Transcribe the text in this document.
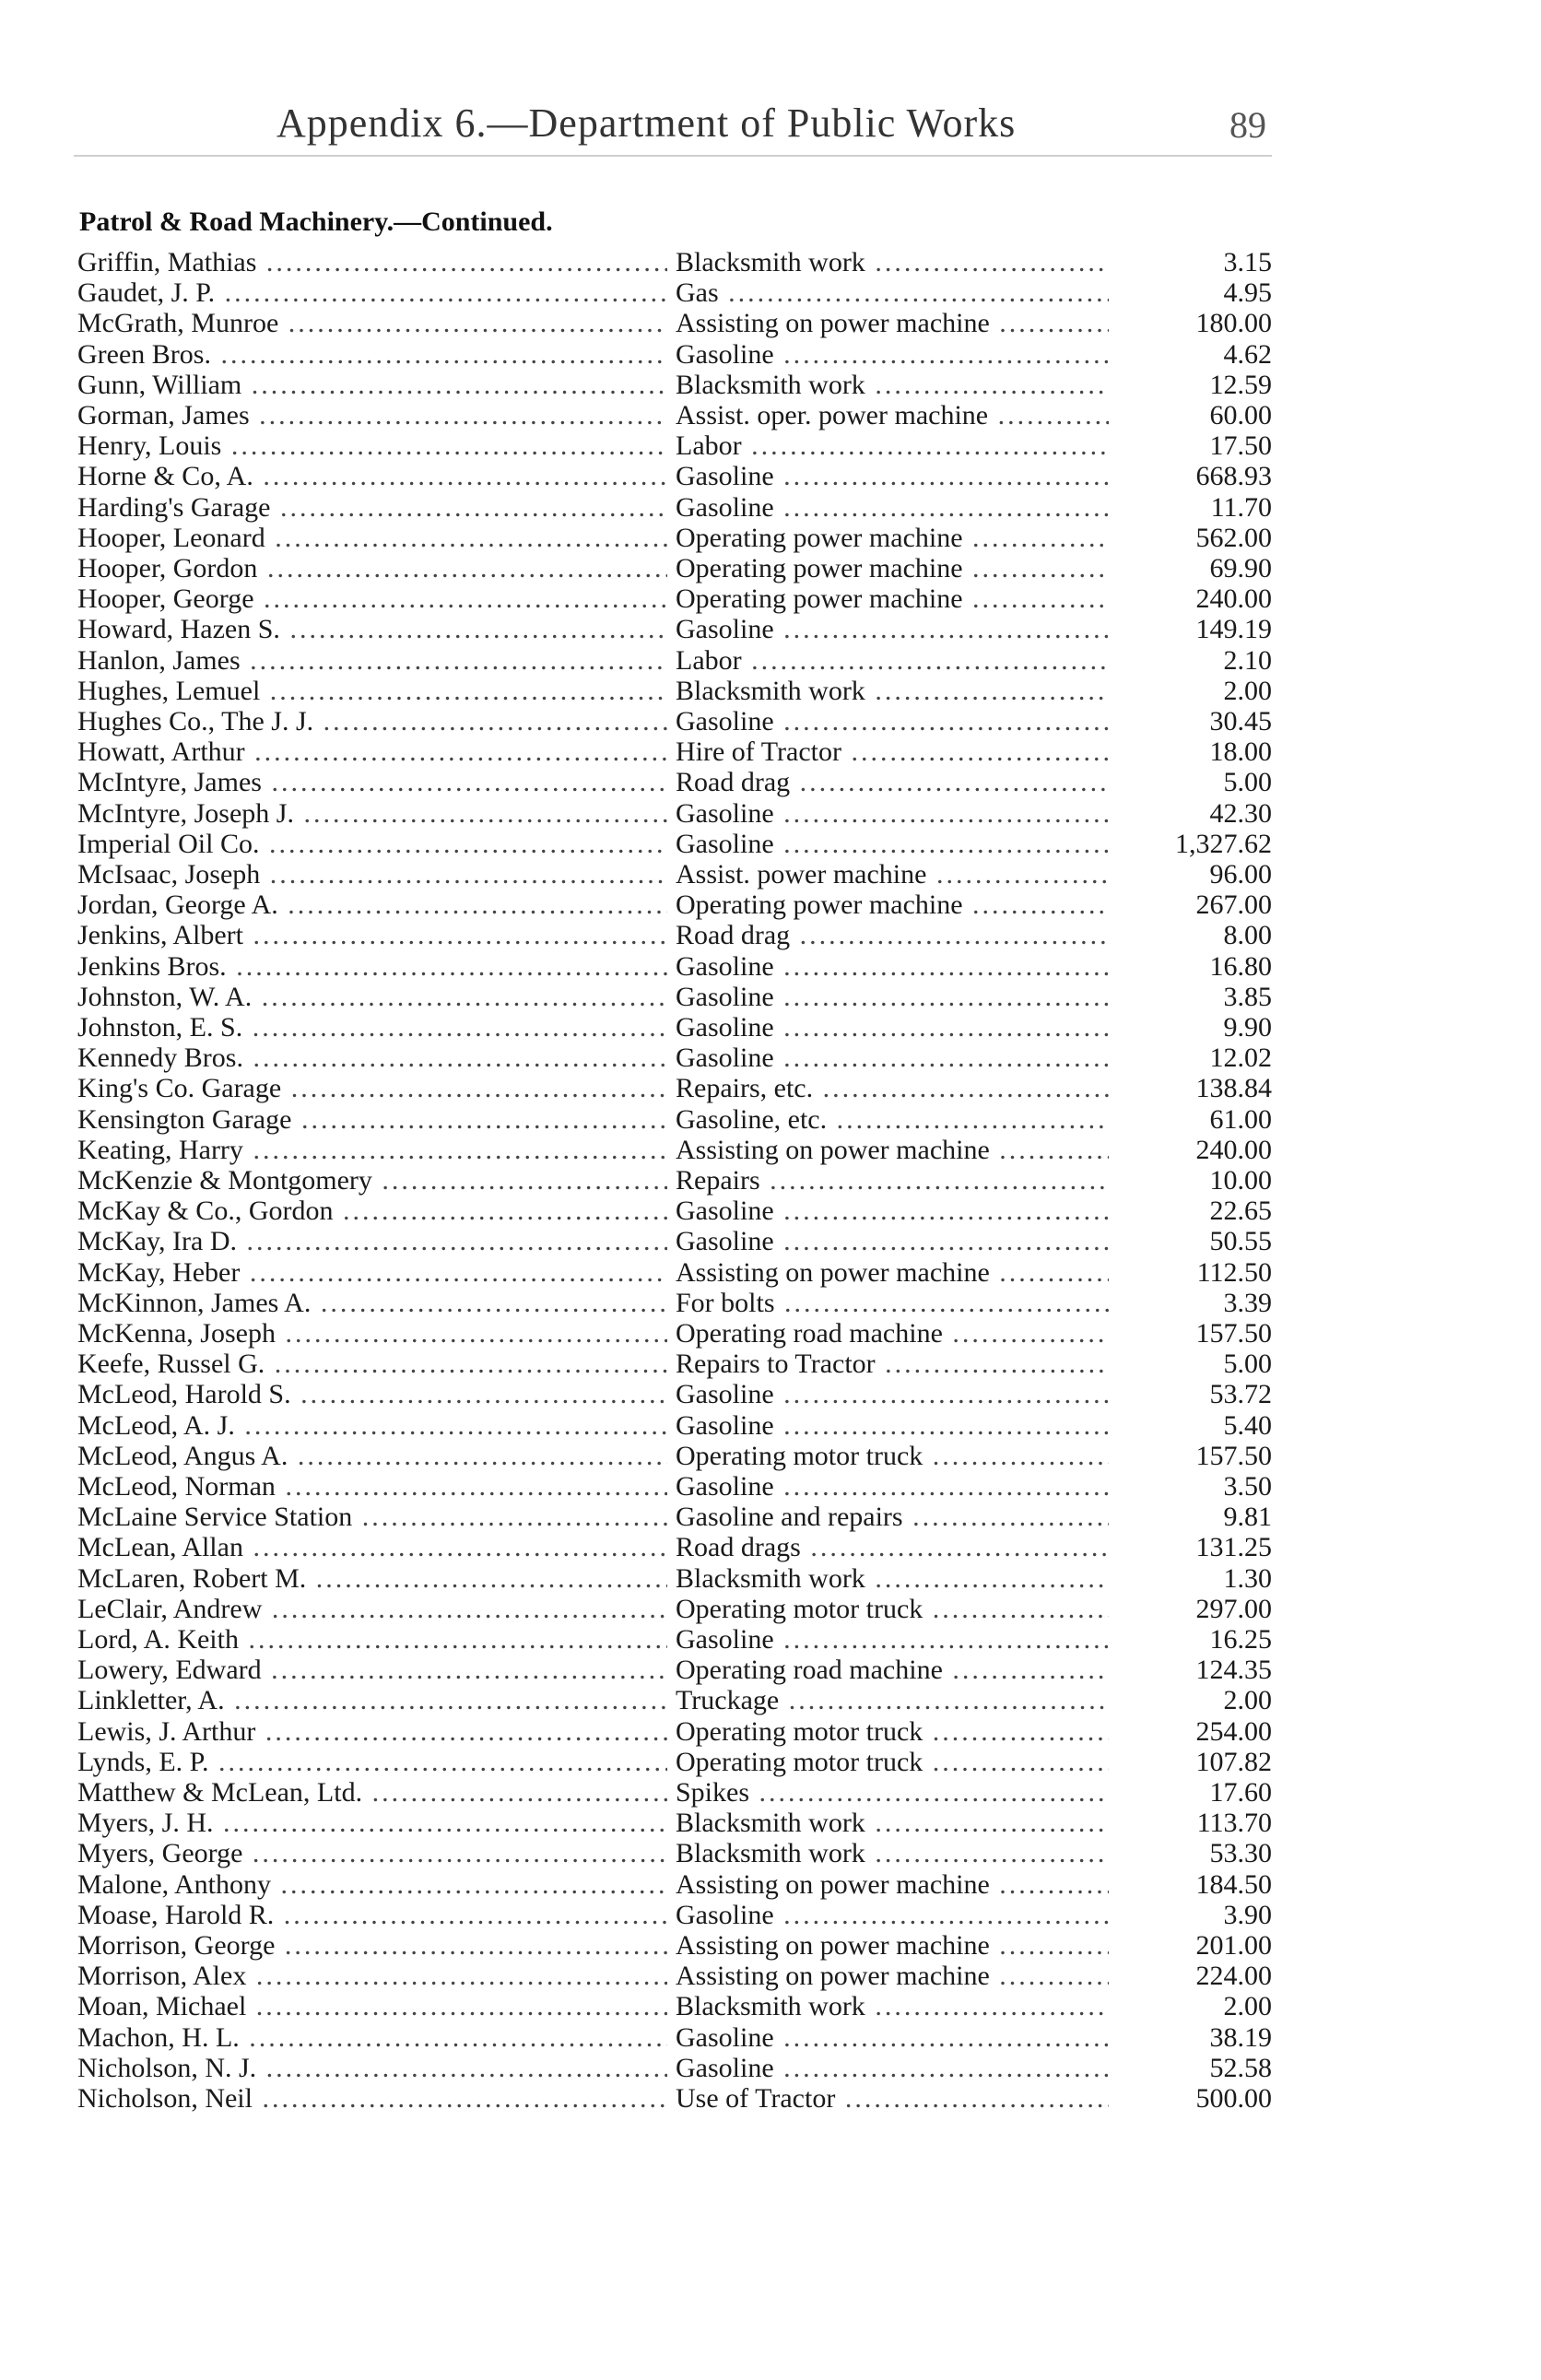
Appendix 6.—Department of Public Works	89
Patrol & Road Machinery.—Continued.
Griffin, Mathias .....	Blacksmith work .....	3.15
Gaudet, J. P. .....	Gas .....	4.95
McGrath, Munroe .....	Assisting on power machine .....	180.00
Green Bros. .....	Gasoline .....	4.62
Gunn, William .....	Blacksmith work .....	12.59
Gorman, James .....	Assist. oper. power machine .....	60.00
Henry, Louis .....	Labor .....	17.50
Horne & Co, A. .....	Gasoline .....	668.93
Harding's Garage .....	Gasoline .....	11.70
Hooper, Leonard .....	Operating power machine .....	562.00
Hooper, Gordon .....	Operating power machine .....	69.90
Hooper, George .....	Operating power machine .....	240.00
Howard, Hazen S. .....	Gasoline .....	149.19
Hanlon, James .....	Labor .....	2.10
Hughes, Lemuel .....	Blacksmith work .....	2.00
Hughes Co., The J. J. .....	Gasoline .....	30.45
Howatt, Arthur .....	Hire of Tractor .....	18.00
McIntyre, James .....	Road drag .....	5.00
McIntyre, Joseph J. .....	Gasoline .....	42.30
Imperial Oil Co. .....	Gasoline .....	1,327.62
McIsaac, Joseph .....	Assist. power machine .....	96.00
Jordan, George A. .....	Operating power machine .....	267.00
Jenkins, Albert .....	Road drag .....	8.00
Jenkins Bros. .....	Gasoline .....	16.80
Johnston, W. A. .....	Gasoline .....	3.85
Johnston, E. S. .....	Gasoline .....	9.90
Kennedy Bros. .....	Gasoline .....	12.02
King's Co. Garage .....	Repairs, etc. .....	138.84
Kensington Garage .....	Gasoline, etc. .....	61.00
Keating, Harry .....	Assisting on power machine .....	240.00
McKenzie & Montgomery .....	Repairs .....	10.00
McKay & Co., Gordon .....	Gasoline .....	22.65
McKay, Ira D. .....	Gasoline .....	50.55
McKay, Heber .....	Assisting on power machine .....	112.50
McKinnon, James A. .....	For bolts .....	3.39
McKenna, Joseph .....	Operating road machine .....	157.50
Keefe, Russel G. .....	Repairs to Tractor .....	5.00
McLeod, Harold S. .....	Gasoline .....	53.72
McLeod, A. J. .....	Gasoline .....	5.40
McLeod, Angus A. .....	Operating motor truck .....	157.50
McLeod, Norman .....	Gasoline .....	3.50
McLaine Service Station .....	Gasoline and repairs .....	9.81
McLean, Allan .....	Road drags .....	131.25
McLaren, Robert M. .....	Blacksmith work .....	1.30
LeClair, Andrew .....	Operating motor truck .....	297.00
Lord, A. Keith .....	Gasoline .....	16.25
Lowery, Edward .....	Operating road machine .....	124.35
Linkletter, A. .....	Truckage .....	2.00
Lewis, J. Arthur .....	Operating motor truck .....	254.00
Lynds, E. P. .....	Operating motor truck .....	107.82
Matthew & McLean, Ltd. .....	Spikes .....	17.60
Myers, J. H. .....	Blacksmith work .....	113.70
Myers, George .....	Blacksmith work .....	53.30
Malone, Anthony .....	Assisting on power machine .....	184.50
Moase, Harold R. .....	Gasoline .....	3.90
Morrison, George .....	Assisting on power machine .....	201.00
Morrison, Alex .....	Assisting on power machine .....	224.00
Moan, Michael .....	Blacksmith work .....	2.00
Machon, H. L. .....	Gasoline .....	38.19
Nicholson, N. J. .....	Gasoline .....	52.58
Nicholson, Neil .....	Use of Tractor .....	500.00
